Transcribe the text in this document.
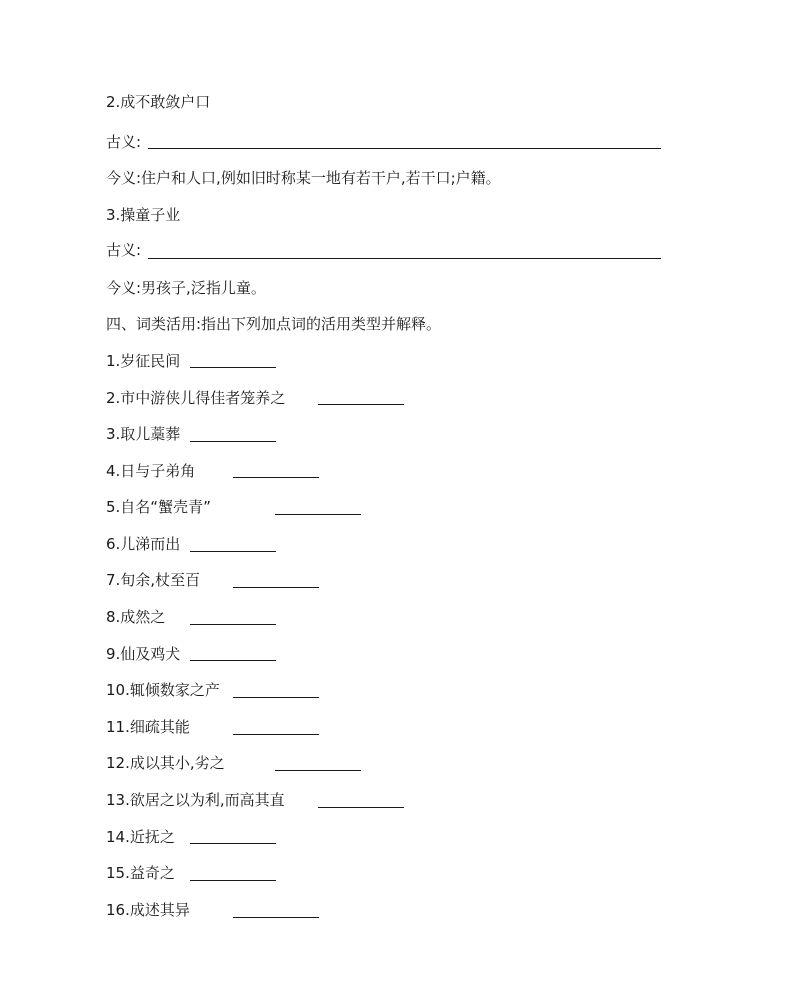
2.成不敢敛户口
古义:
今义:住户和人口,例如旧时称某一地有若干户,若干口;户籍。
3.操童子业
古义:
今义:男孩子,泛指儿童。
四、词类活用:指出下列加点词的活用类型并解释。
1.岁征民间
2.市中游侠儿得佳者笼养之
3.取儿藁葬
4.日与子弟角
5.自名“蟹壳青”
6.儿涕而出
7.旬余,杖至百
8.成然之
9.仙及鸡犬
10.辄倾数家之产
11.细疏其能
12.成以其小,劣之
13.欲居之以为利,而高其直
14.近抚之
15.益奇之
16.成述其异
